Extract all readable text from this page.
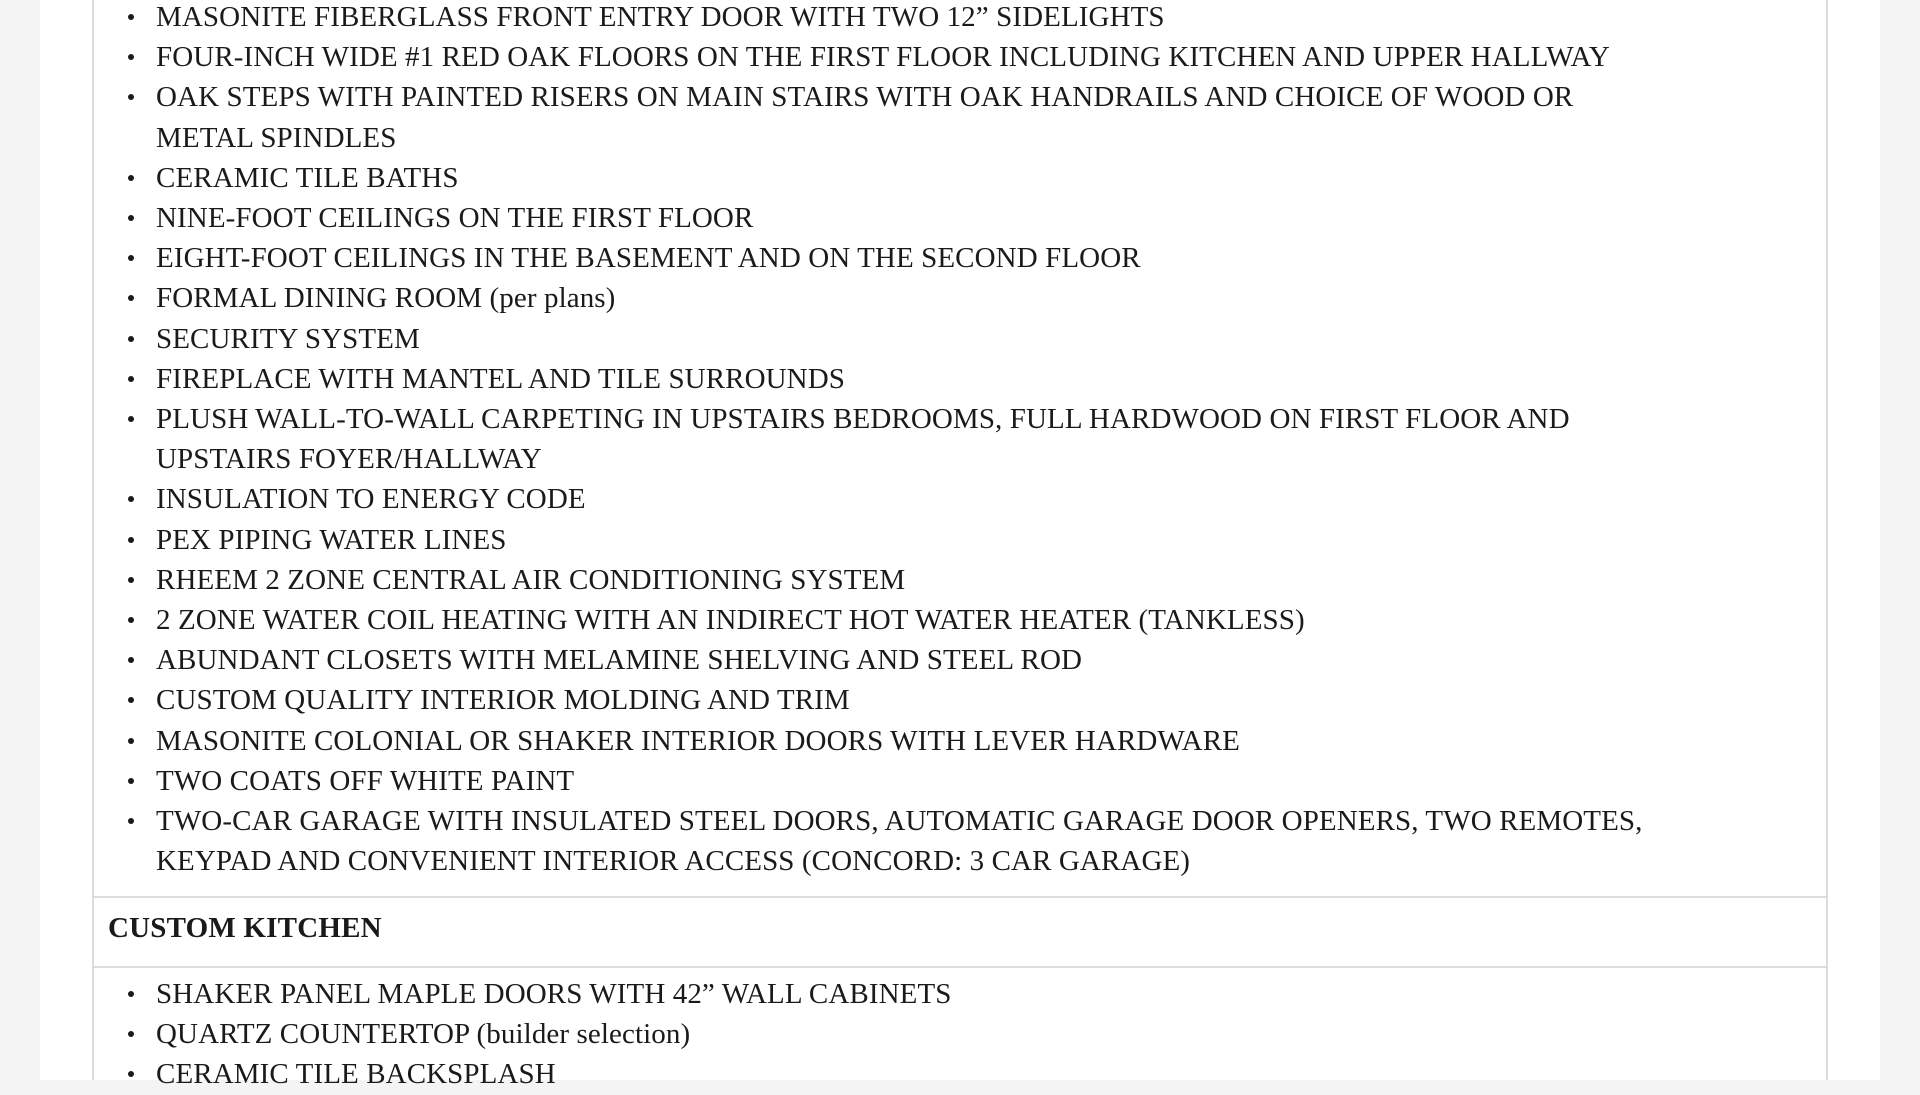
MASONITE FIBERGLASS FRONT ENTRY DOOR WITH TWO 12” SIDELIGHTS
FOUR-INCH WIDE #1 RED OAK FLOORS ON THE FIRST FLOOR INCLUDING KITCHEN AND UPPER HALLWAY
OAK STEPS WITH PAINTED RISERS ON MAIN STAIRS WITH OAK HANDRAILS AND CHOICE OF WOOD OR
METAL SPINDLES
CERAMIC TILE BATHS
NINE-FOOT CEILINGS ON THE FIRST FLOOR
EIGHT-FOOT CEILINGS IN THE BASEMENT AND ON THE SECOND FLOOR
FORMAL DINING ROOM (per plans)
SECURITY SYSTEM
FIREPLACE WITH MANTEL AND TILE SURROUNDS
PLUSH WALL-TO-WALL CARPETING IN UPSTAIRS BEDROOMS, FULL HARDWOOD ON FIRST FLOOR AND
UPSTAIRS FOYER/HALLWAY
INSULATION TO ENERGY CODE
PEX PIPING WATER LINES
RHEEM 2 ZONE CENTRAL AIR CONDITIONING SYSTEM
2 ZONE WATER COIL HEATING WITH AN INDIRECT HOT WATER HEATER (TANKLESS)
ABUNDANT CLOSETS WITH MELAMINE SHELVING AND STEEL ROD
CUSTOM QUALITY INTERIOR MOLDING AND TRIM
MASONITE COLONIAL OR SHAKER INTERIOR DOORS WITH LEVER HARDWARE
TWO COATS OFF WHITE PAINT
TWO-CAR GARAGE WITH INSULATED STEEL DOORS, AUTOMATIC GARAGE DOOR OPENERS, TWO REMOTES,
KEYPAD AND CONVENIENT INTERIOR ACCESS (CONCORD: 3 CAR GARAGE)
CUSTOM KITCHEN
SHAKER PANEL MAPLE DOORS WITH 42” WALL CABINETS
QUARTZ COUNTERTOP (builder selection)
CERAMIC TILE BACKSPLASH
